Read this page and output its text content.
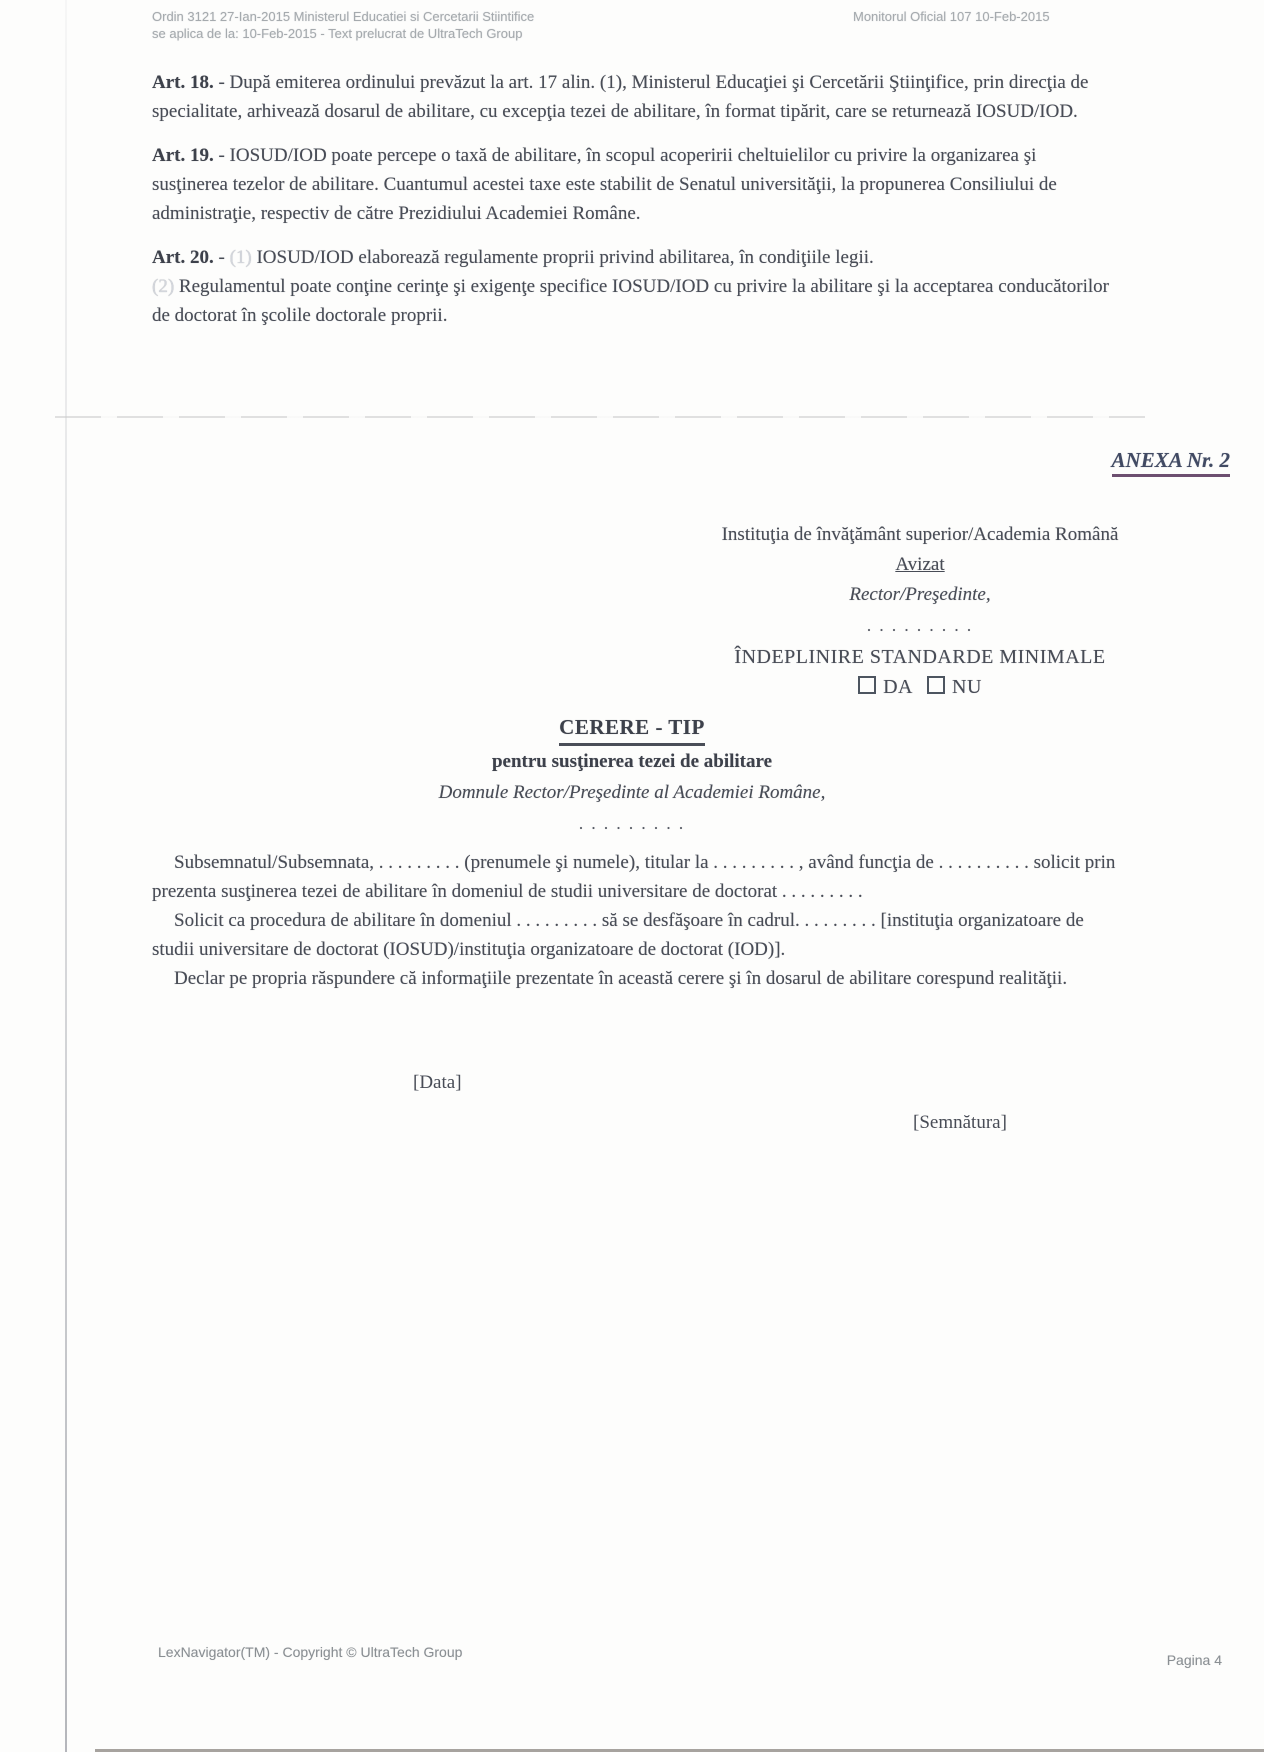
Ordin 3121 27-Ian-2015 Ministerul Educatiei si Cercetarii Stiintifice
se aplica de la: 10-Feb-2015 - Text prelucrat de UltraTech Group
Monitorul Oficial 107 10-Feb-2015

Art. 18. - După emiterea ordinului prevăzut la art. 17 alin. (1), Ministerul Educaţiei şi Cercetării Ştiinţifice, prin direcţia de specialitate, arhivează dosarul de abilitare, cu excepţia tezei de abilitare, în format tipărit, care se returnează IOSUD/IOD.

Art. 19. - IOSUD/IOD poate percepe o taxă de abilitare, în scopul acoperirii cheltuielilor cu privire la organizarea şi susţinerea tezelor de abilitare. Cuantumul acestei taxe este stabilit de Senatul universităţii, la propunerea Consiliului de administraţie, respectiv de către Prezidiului Academiei Române.

Art. 20. - (1) IOSUD/IOD elaborează regulamente proprii privind abilitarea, în condiţiile legii.
(2) Regulamentul poate conţine cerinţe şi exigenţe specifice IOSUD/IOD cu privire la abilitare şi la acceptarea conducătorilor de doctorat în şcolile doctorale proprii.

ANEXA Nr. 2
Instituţia de învăţământ superior/Academia Română
Avizat
Rector/Preşedinte,
. . . . . . . . .
ÎNDEPLINIRE STANDARDE MINIMALE
DA NU
CERERE - TIP
pentru susţinerea tezei de abilitare
Domnule Rector/Preşedinte al Academiei Române,
. . . . . . . . .

Subsemnatul/Subsemnata, . . . . . . . . . (prenumele şi numele), titular la . . . . . . . . . , având funcţia de . . . . . . . . . . solicit prin prezenta susţinerea tezei de abilitare în domeniul de studii universitare de doctorat . . . . . . . . .

Solicit ca procedura de abilitare în domeniul . . . . . . . . . să se desfăşoare în cadrul. . . . . . . . . [instituţia organizatoare de studii universitare de doctorat (IOSUD)/instituţia organizatoare de doctorat (IOD)].

Declar pe propria răspundere că informaţiile prezentate în această cerere şi în dosarul de abilitare corespund realităţii.

[Data]
[Semnătura]
LexNavigator(TM) - Copyright © UltraTech Group	Pagina 4
